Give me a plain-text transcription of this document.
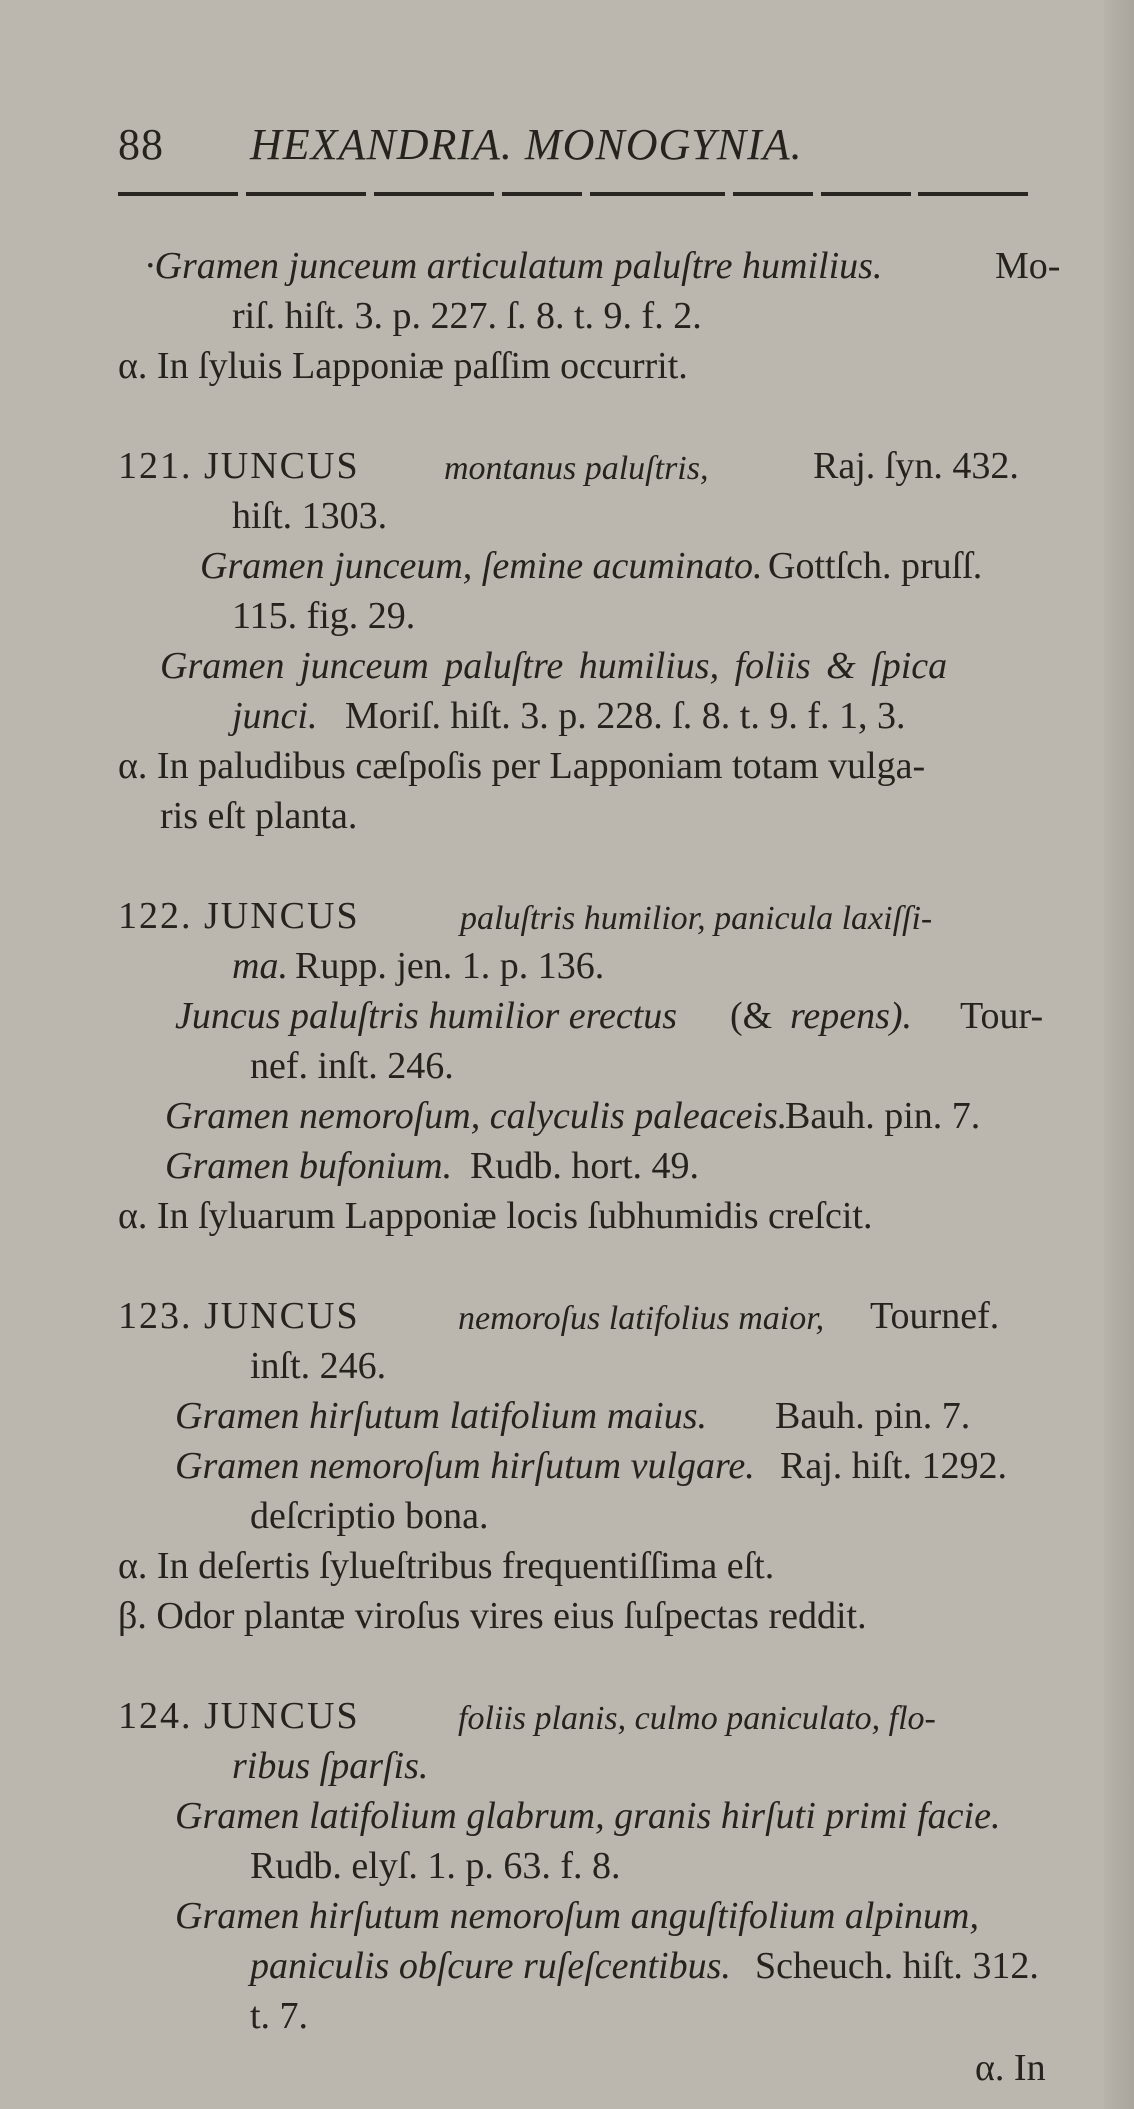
88 HEXANDRIA. MONOGYNIA.
·Gramen junceum articulatum paluſtre humilius.	Mo-
riſ. hiſt. 3. p. 227. ſ. 8. t. 9. f. 2.
α. In ſyluis Lapponiæ paſſim occurrit.
121. JUNCUS montanus paluſtris,	Raj. ſyn. 432.
hiſt. 1303.
Gramen junceum, ſemine acuminato. Gottſch. pruſſ.
115. fig. 29.
Gramen junceum paluſtre humilius, foliis & ſpica
junci. Moriſ. hiſt. 3. p. 228. ſ. 8. t. 9. f. 1, 3.
α. In paludibus cæſpoſis per Lapponiam totam vulga-
ris eſt planta.
122. JUNCUS	paluſtris humilior, panicula laxiſſi-
ma. Rupp. jen. 1. p. 136.
Juncus paluſtris humilior erectus (& repens). Tour-
nef. inſt. 246.
Gramen nemoroſum, calyculis paleaceis.
Bauh. pin. 7.
Gramen bufonium. Rudb. hort. 49.
α. In ſyluarum Lapponiæ locis ſubhumidis creſcit.
123. JUNCUS	nemoroſus latifolius maior, Tournef.
inſt. 246.
Gramen hirſutum latifolium maius. Bauh. pin. 7.
Gramen nemoroſum hirſutum vulgare. Raj. hiſt. 1292.
deſcriptio bona.
α. In deſertis ſylueſtribus frequentiſſima eſt.
β. Odor plantæ viroſus vires eius ſuſpectas reddit.
124. JUNCUS	foliis planis, culmo paniculato, flo-
ribus ſparſis.
Gramen latifolium glabrum, granis hirſuti primi facie.
Rudb. elyſ. 1. p. 63. f. 8.
Gramen hirſutum nemoroſum anguſtifolium alpinum,
paniculis obſcure ruſeſcentibus. Scheuch. hiſt. 312.
t. 7.
α. In
